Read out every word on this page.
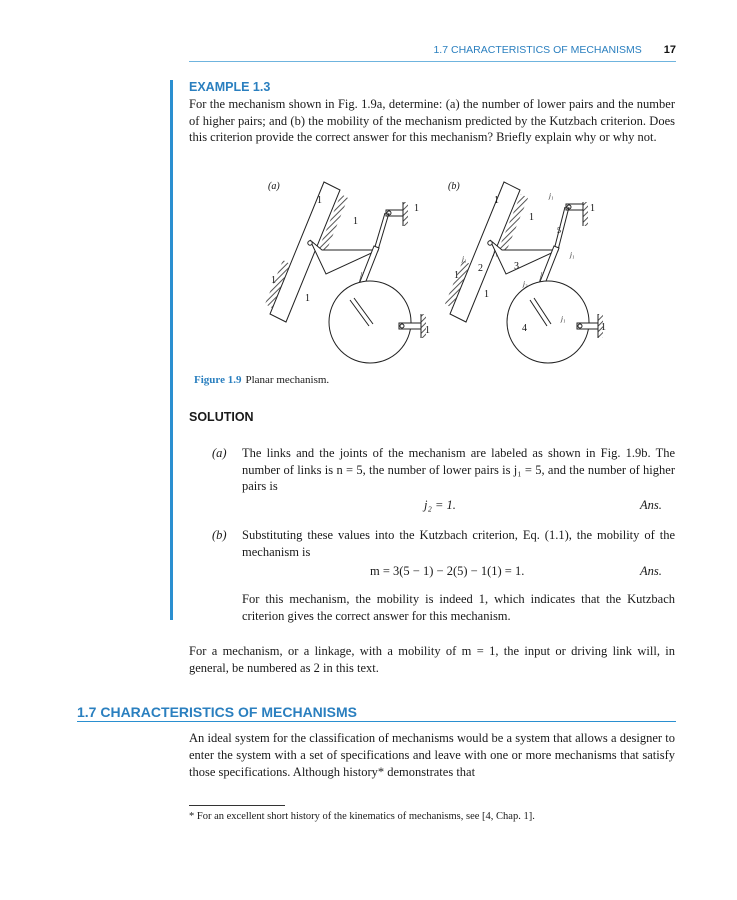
1.7 CHARACTERISTICS OF MECHANISMS 17
EXAMPLE 1.3
For the mechanism shown in Fig. 1.9a, determine: (a) the number of lower pairs and the number of higher pairs; and (b) the mobility of the mechanism predicted by the Kutzbach criterion. Does this criterion provide the correct answer for this mechanism? Briefly explain why or why not.
(a)
1
1
1
1
1
1
(b)
1
1
1
1
1
1
2	3
4
5
j₁
j₁
j₁
j₁
j₁
j₂
Figure 1.9 Planar mechanism.
SOLUTION
(a) The links and the joints of the mechanism are labeled as shown in Fig. 1.9b. The number of links is n = 5, the number of lower pairs is j₁ = 5, and the number of higher pairs is
j₂ = 1.	Ans.
(b) Substituting these values into the Kutzbach criterion, Eq. (1.1), the mobility of the mechanism is
m = 3(5 − 1) − 2(5) − 1(1) = 1.	Ans.
For this mechanism, the mobility is indeed 1, which indicates that the Kutzbach criterion gives the correct answer for this mechanism.
For a mechanism, or a linkage, with a mobility of m = 1, the input or driving link will, in general, be numbered as 2 in this text.
1.7 CHARACTERISTICS OF MECHANISMS
An ideal system for the classification of mechanisms would be a system that allows a designer to enter the system with a set of specifications and leave with one or more mechanisms that satisfy those specifications. Although history* demonstrates that
* For an excellent short history of the kinematics of mechanisms, see [4, Chap. 1].
